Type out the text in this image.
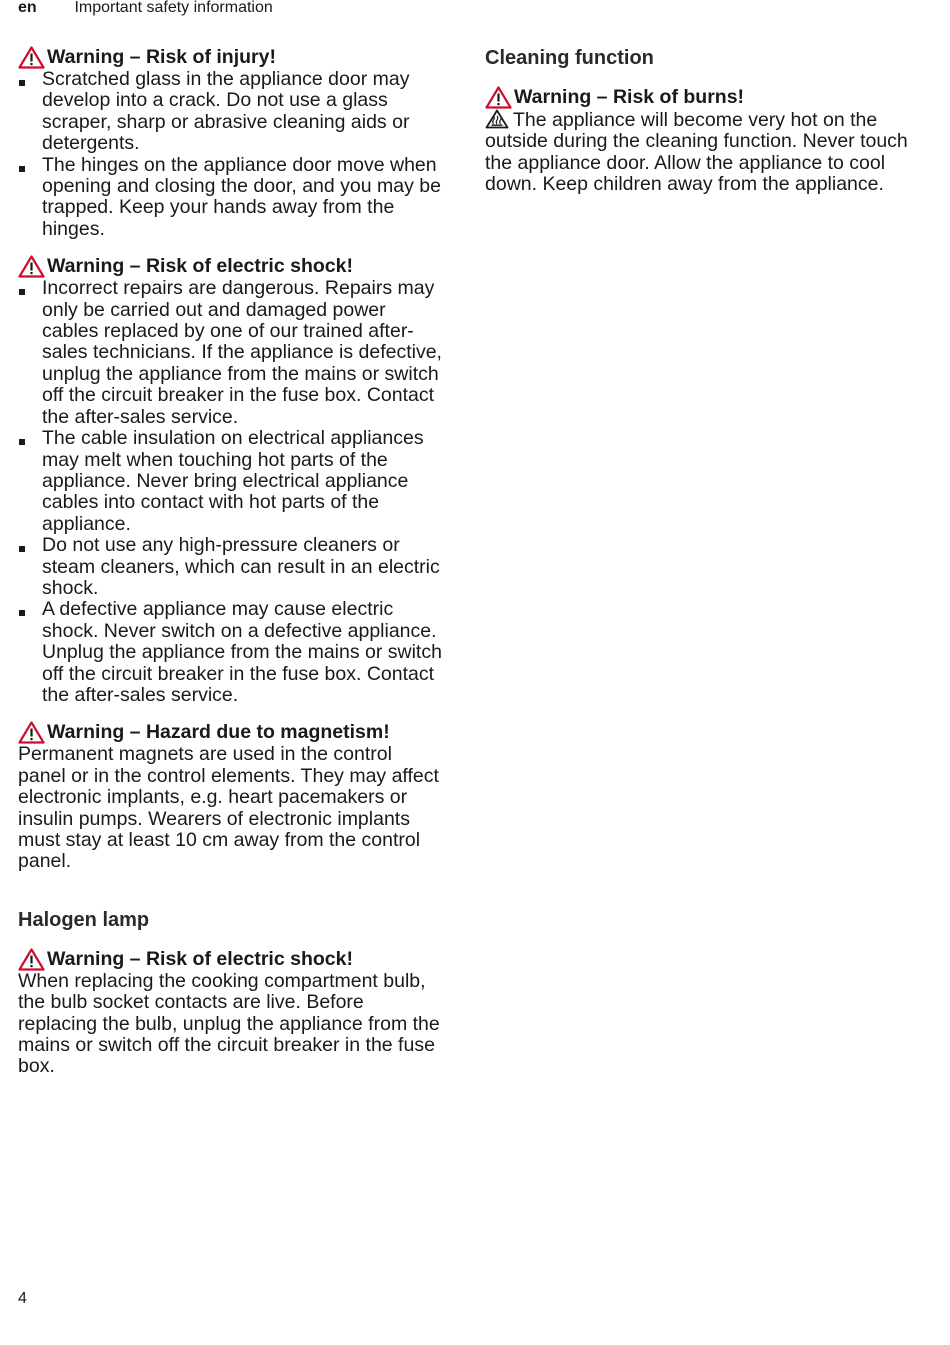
en Important safety information
Warning – Risk of injury!
Scratched glass in the appliance door may develop into a crack. Do not use a glass scraper, sharp or abrasive cleaning aids or detergents.
The hinges on the appliance door move when opening and closing the door, and you may be trapped. Keep your hands away from the hinges.
Warning – Risk of electric shock!
Incorrect repairs are dangerous. Repairs may only be carried out and damaged power cables replaced by one of our trained after-sales technicians. If the appliance is defective, unplug the appliance from the mains or switch off the circuit breaker in the fuse box. Contact the after-sales service.
The cable insulation on electrical appliances may melt when touching hot parts of the appliance. Never bring electrical appliance cables into contact with hot parts of the appliance.
Do not use any high-pressure cleaners or steam cleaners, which can result in an electric shock.
A defective appliance may cause electric shock. Never switch on a defective appliance. Unplug the appliance from the mains or switch off the circuit breaker in the fuse box. Contact the after-sales service.
Warning – Hazard due to magnetism!

Permanent magnets are used in the control panel or in the control elements. They may affect electronic implants, e.g. heart pacemakers or insulin pumps. Wearers of electronic implants must stay at least 10 cm away from the control panel.

Halogen lamp
Warning – Risk of electric shock!

When replacing the cooking compartment bulb, the bulb socket contacts are live. Before replacing the bulb, unplug the appliance from the mains or switch off the circuit breaker in the fuse box.

Cleaning function
Warning – Risk of burns!

The appliance will become very hot on the outside during the cleaning function. Never touch the appliance door. Allow the appliance to cool down. Keep children away from the appliance.

4
